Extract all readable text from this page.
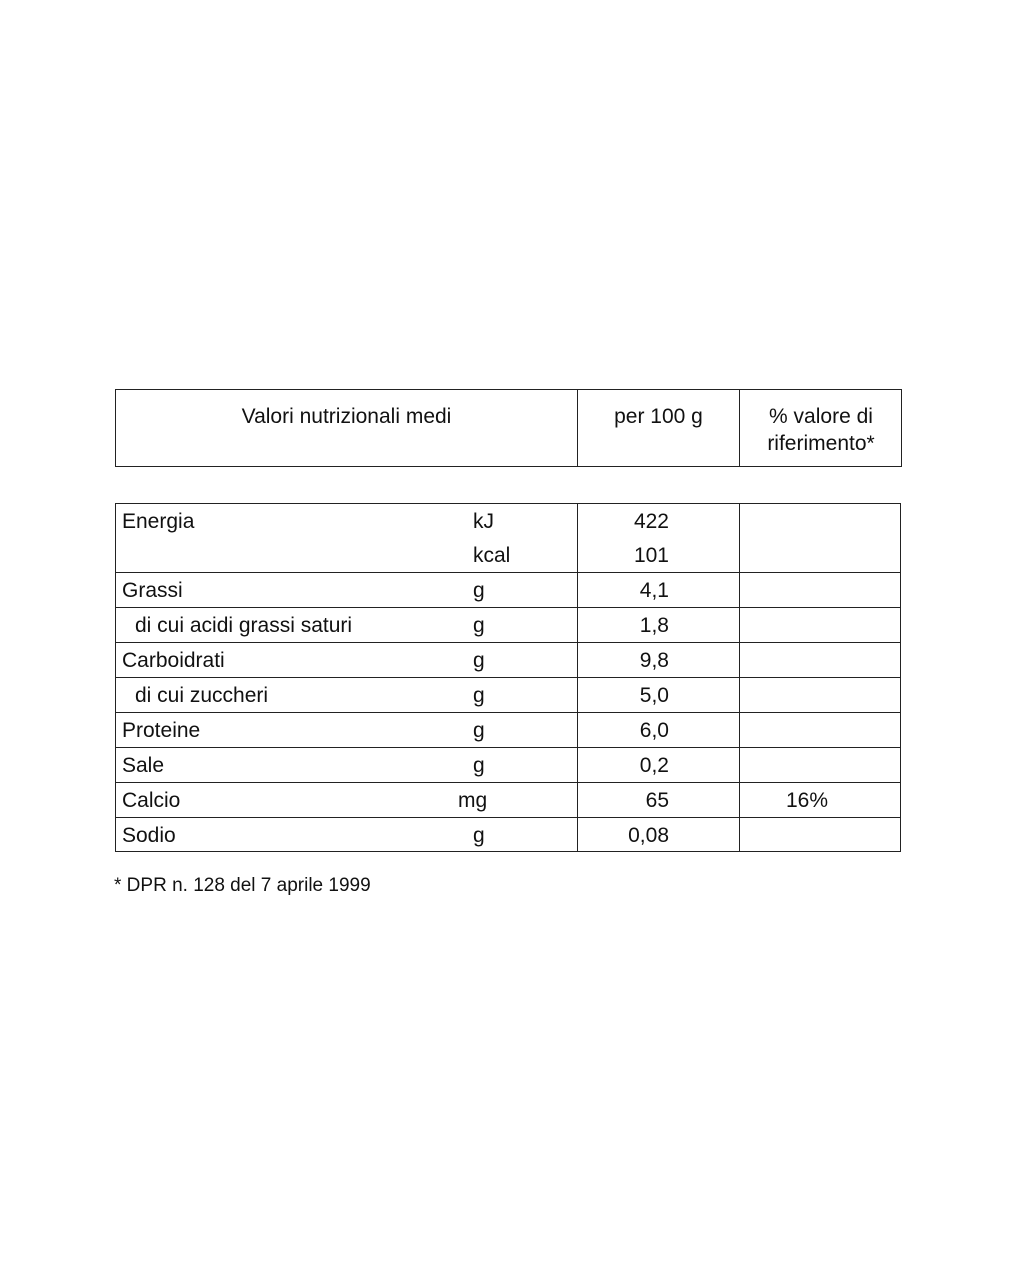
Valori nutrizionali medi	per 100 g	% valore di
riferimento*
Energia	kJ	422
kcal	101
Grassi	g	4,1
di cui acidi grassi saturi	g	1,8
Carboidrati	g	9,8
di cui zuccheri	g	5,0
Proteine	g	6,0
Sale	g	0,2
Calcio	mg	65	16%
Sodio	g	0,08
* DPR n. 128 del 7 aprile 1999
